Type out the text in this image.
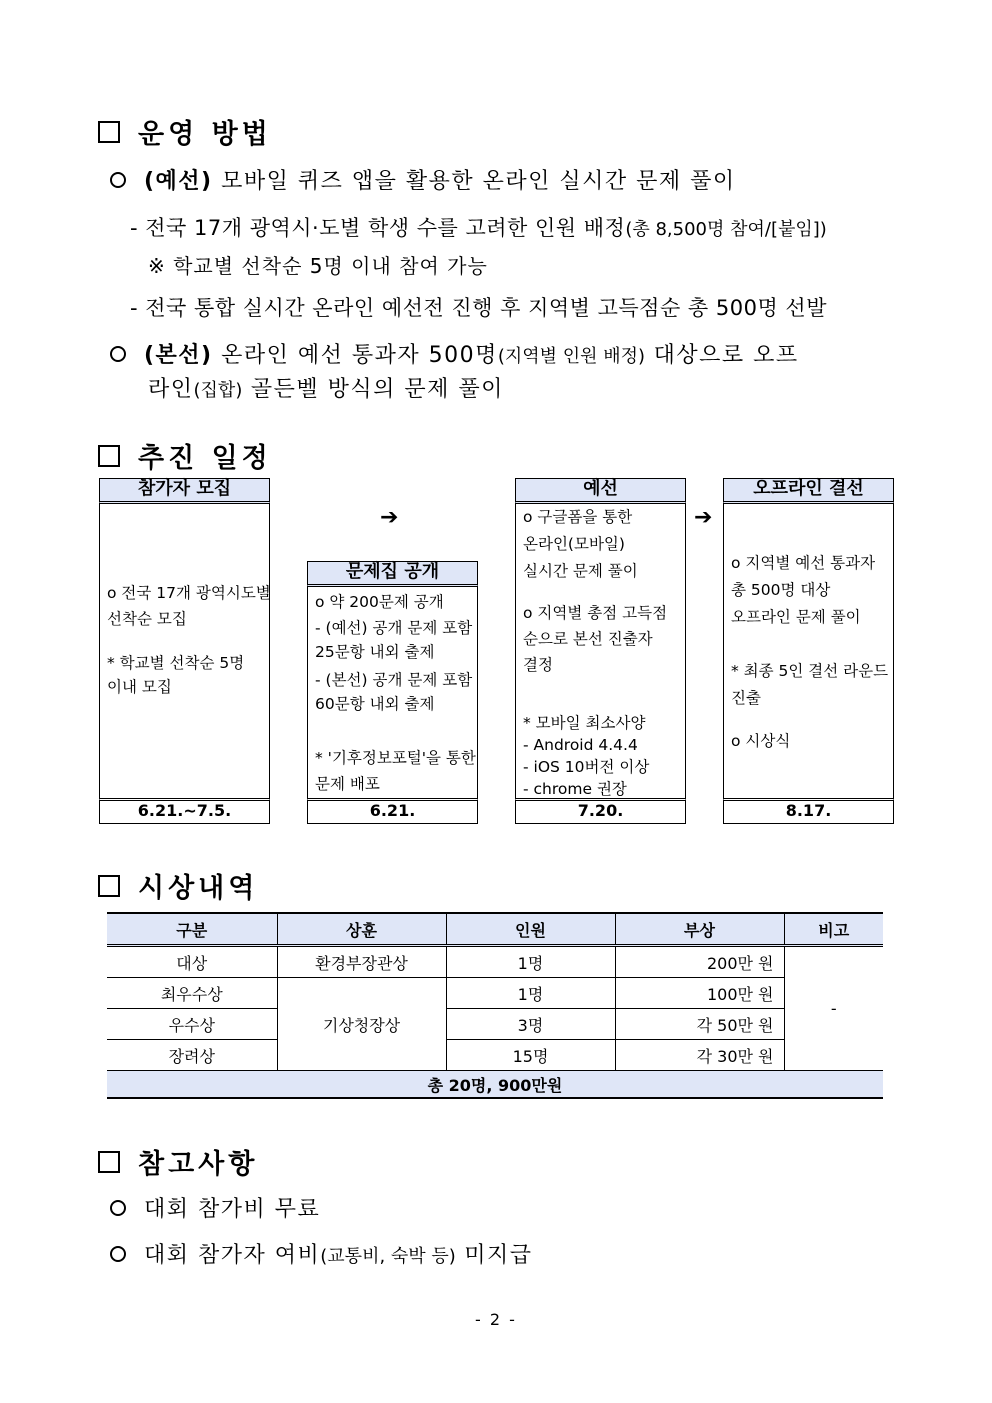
운영 방법
(예선) 모바일 퀴즈 앱을 활용한 온라인 실시간 문제 풀이
- 전국 17개 광역시·도별 학생 수를 고려한 인원 배정(총 8,500명 참여/[붙임])
※ 학교별 선착순 5명 이내 참여 가능
- 전국 통합 실시간 온라인 예선전 진행 후 지역별 고득점순 총 500명 선발
(본선) 온라인 예선 통과자 500명(지역별 인원 배정) 대상으로 오프
라인(집합) 골든벨 방식의 문제 풀이
추진 일정
참가자 모집
o 전국 17개 광역시도별
선착순 모집
* 학교별 선착순 5명
이내 모집
6.21.~7.5.
➔
문제집 공개
o 약 200문제 공개
- (예선) 공개 문제 포함
25문항 내외 출제
- (본선) 공개 문제 포함
60문항 내외 출제
* '기후정보포털'을 통한
문제 배포
6.21.
예선
o 구글폼을 통한
온라인(모바일)
실시간 문제 풀이
o 지역별 총점 고득점
순으로 본선 진출자
결정
* 모바일 최소사양
- Android 4.4.4
- iOS 10버전 이상
- chrome 권장
7.20.
➔
오프라인 결선
o 지역별 예선 통과자
총 500명 대상
오프라인 문제 풀이
* 최종 5인 결선 라운드
진출
o 시상식
8.17.
시상내역
구분	상훈	인원	부상	비고
대상	환경부장관상	1명	200만 원	-
최우수상	기상청장상	1명	100만 원	
우수상		3명	각 50만 원	
장려상		15명	각 30만 원	
총 20명, 900만원				
참고사항
대회 참가비 무료
대회 참가자 여비(교통비, 숙박 등) 미지급
- 2 -
